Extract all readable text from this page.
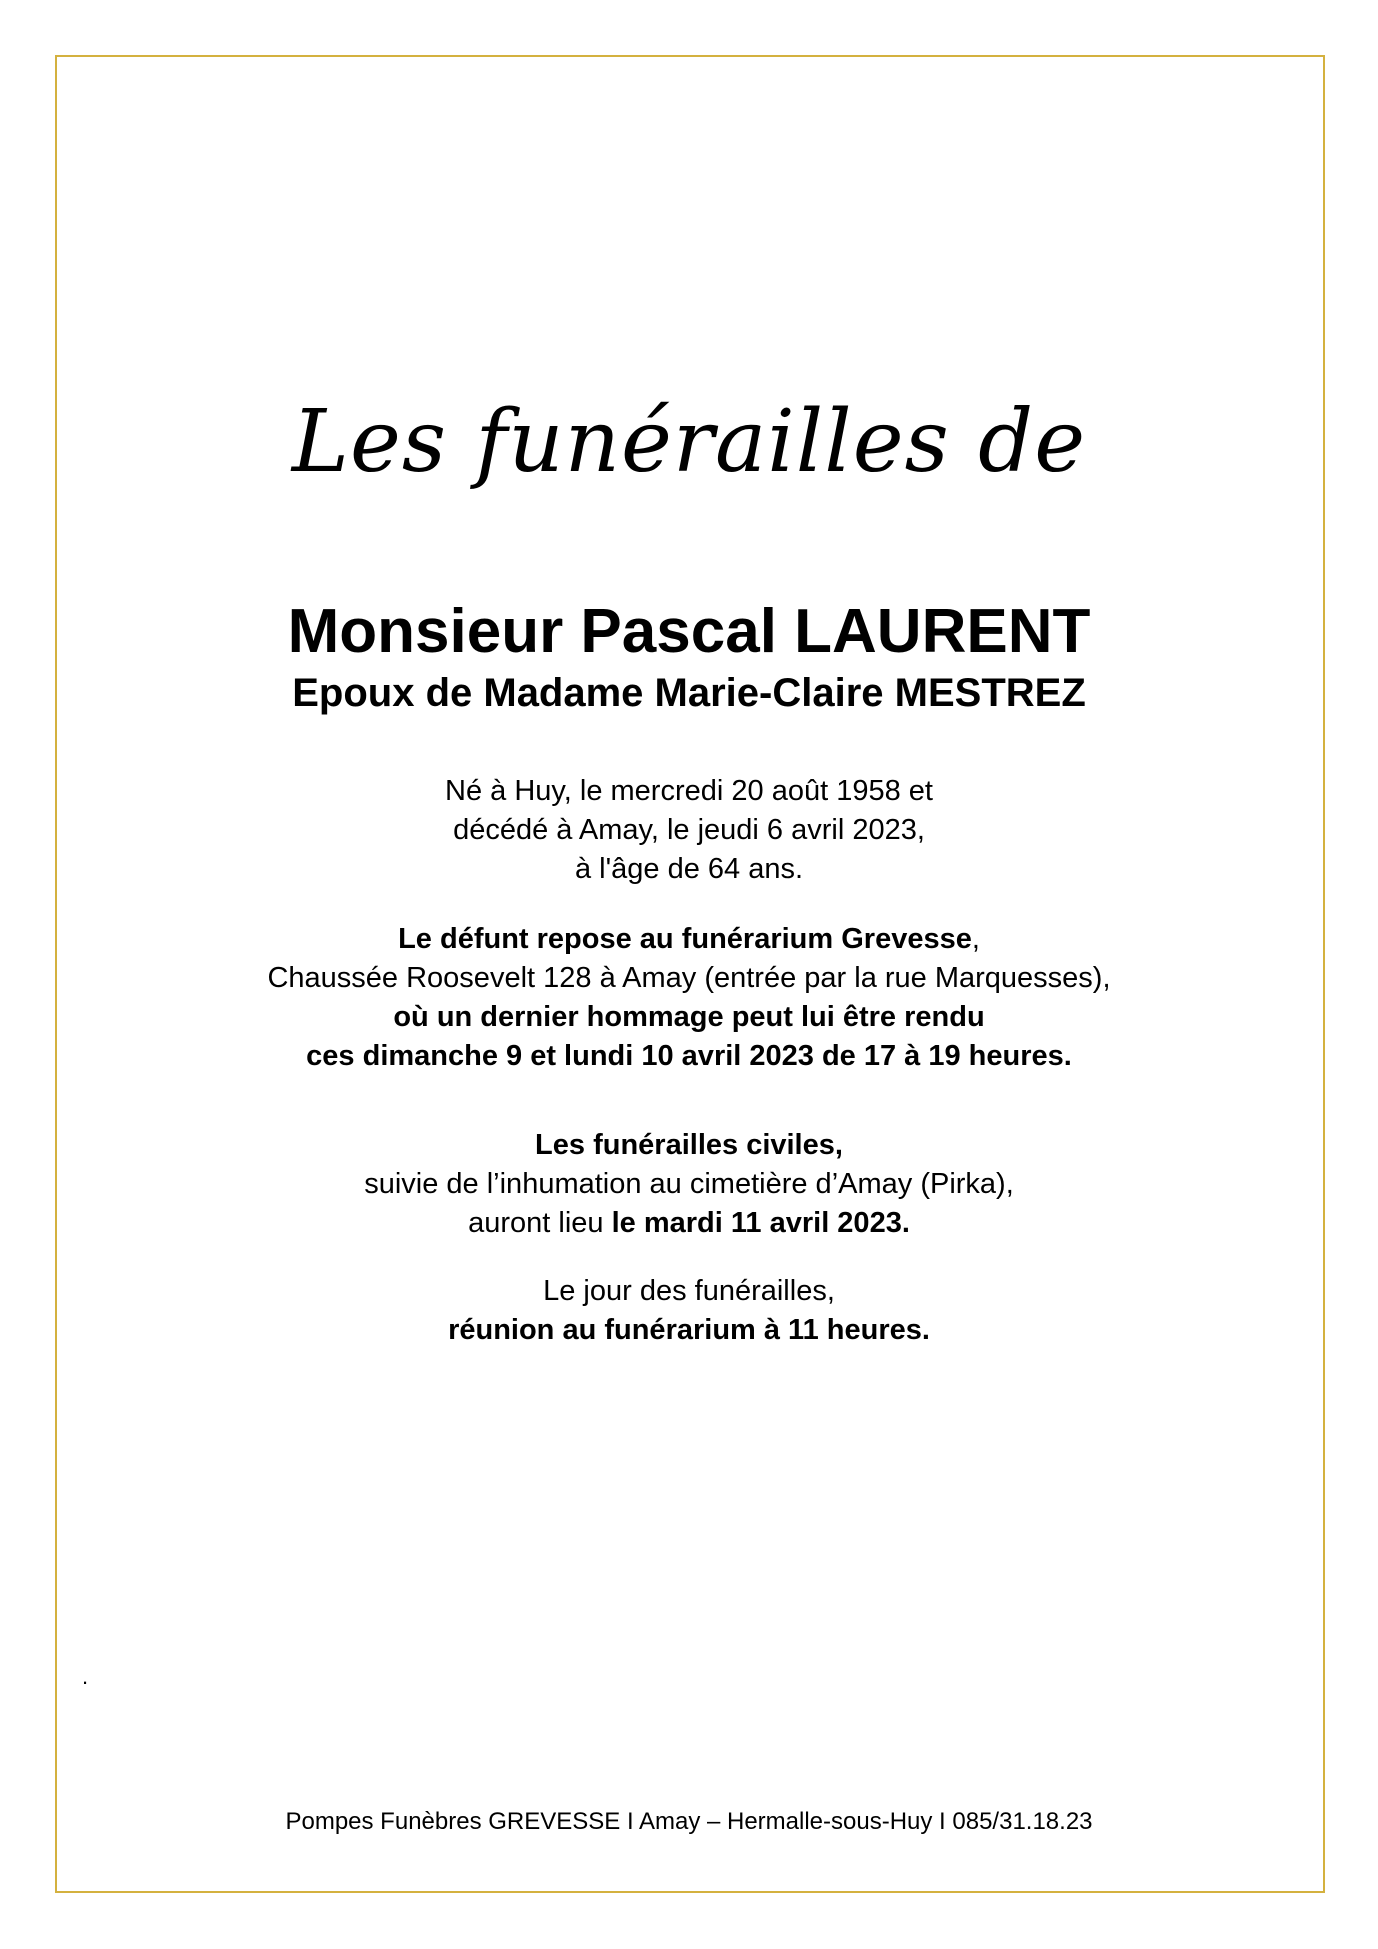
Les funérailles de
Monsieur Pascal LAURENT
Epoux de Madame Marie-Claire MESTREZ
Né à Huy, le mercredi 20 août 1958 et
décédé à Amay, le jeudi 6 avril 2023,
à l'âge de 64 ans.
Le défunt repose au funérarium Grevesse,
Chaussée Roosevelt 128 à Amay (entrée par la rue Marquesses),
où un dernier hommage peut lui être rendu
ces dimanche 9 et lundi 10 avril 2023 de 17 à 19 heures.
Les funérailles civiles,
suivie de l’inhumation au cimetière d’Amay (Pirka),
auront lieu le mardi 11 avril 2023.
Le jour des funérailles,
réunion au funérarium à 11 heures.
.
Pompes Funèbres GREVESSE I Amay – Hermalle-sous-Huy I 085/31.18.23
